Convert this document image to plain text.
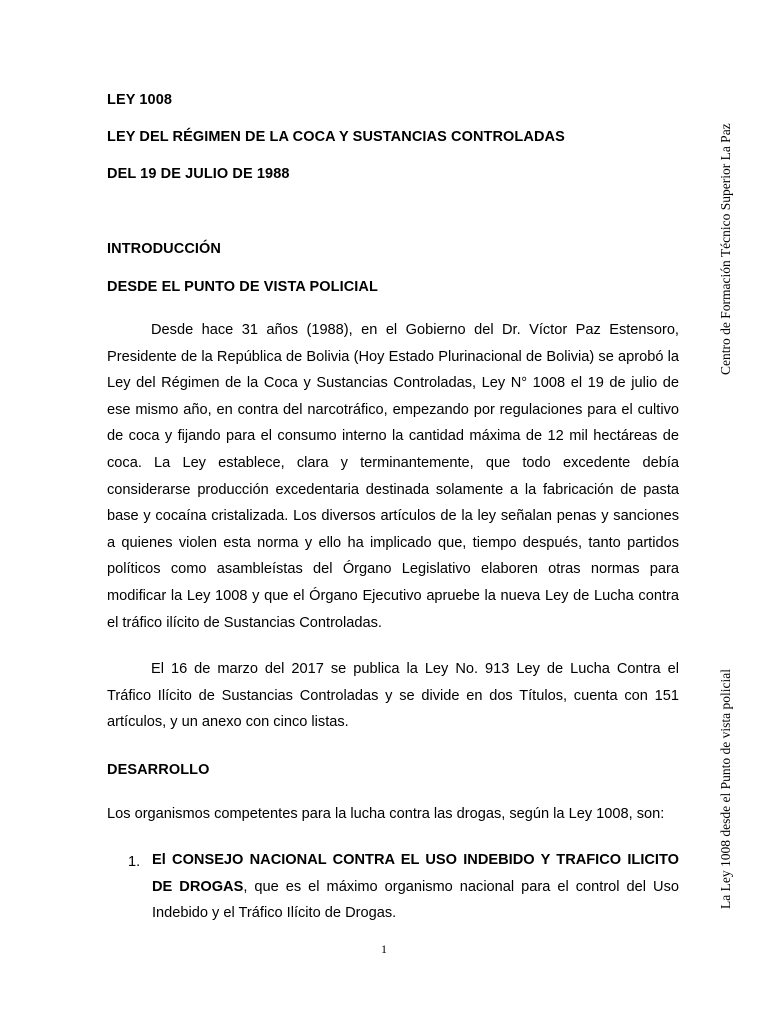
LEY 1008

LEY DEL RÉGIMEN DE LA COCA Y SUSTANCIAS CONTROLADAS

DEL 19 DE JULIO DE 1988

INTRODUCCIÓN

DESDE EL PUNTO DE VISTA POLICIAL

Desde hace 31 años (1988), en el Gobierno del Dr. Víctor Paz Estensoro, Presidente de la República de Bolivia (Hoy Estado Plurinacional de Bolivia) se aprobó la Ley del Régimen de la Coca y Sustancias Controladas, Ley N° 1008 el 19 de julio de ese mismo año, en contra del narcotráfico, empezando por regulaciones para el cultivo de coca y fijando para el consumo interno la cantidad máxima de 12 mil hectáreas de coca. La Ley establece, clara y terminantemente, que todo excedente debía considerarse producción excedentaria destinada solamente a la fabricación de pasta base y cocaína cristalizada. Los diversos artículos de la ley señalan penas y sanciones a quienes violen esta norma y ello ha implicado que, tiempo después, tanto partidos políticos como asambleístas del Órgano Legislativo elaboren otras normas para modificar la Ley 1008 y que el Órgano Ejecutivo apruebe la nueva Ley de Lucha contra el tráfico ilícito de Sustancias Controladas.

El 16 de marzo del 2017 se publica la Ley No. 913 Ley de Lucha Contra el Tráfico Ilícito de Sustancias Controladas y se divide en dos Títulos, cuenta con 151 artículos, y un anexo con cinco listas.

DESARROLLO

Los organismos competentes para la lucha contra las drogas, según la Ley 1008, son:

1. El CONSEJO NACIONAL CONTRA EL USO INDEBIDO Y TRAFICO ILICITO DE DROGAS, que es el máximo organismo nacional para el control del Uso Indebido y el Tráfico Ilícito de Drogas.

Centro de Formación Técnico Superior La Paz
La Ley 1008 desde el Punto de vista policial
1
